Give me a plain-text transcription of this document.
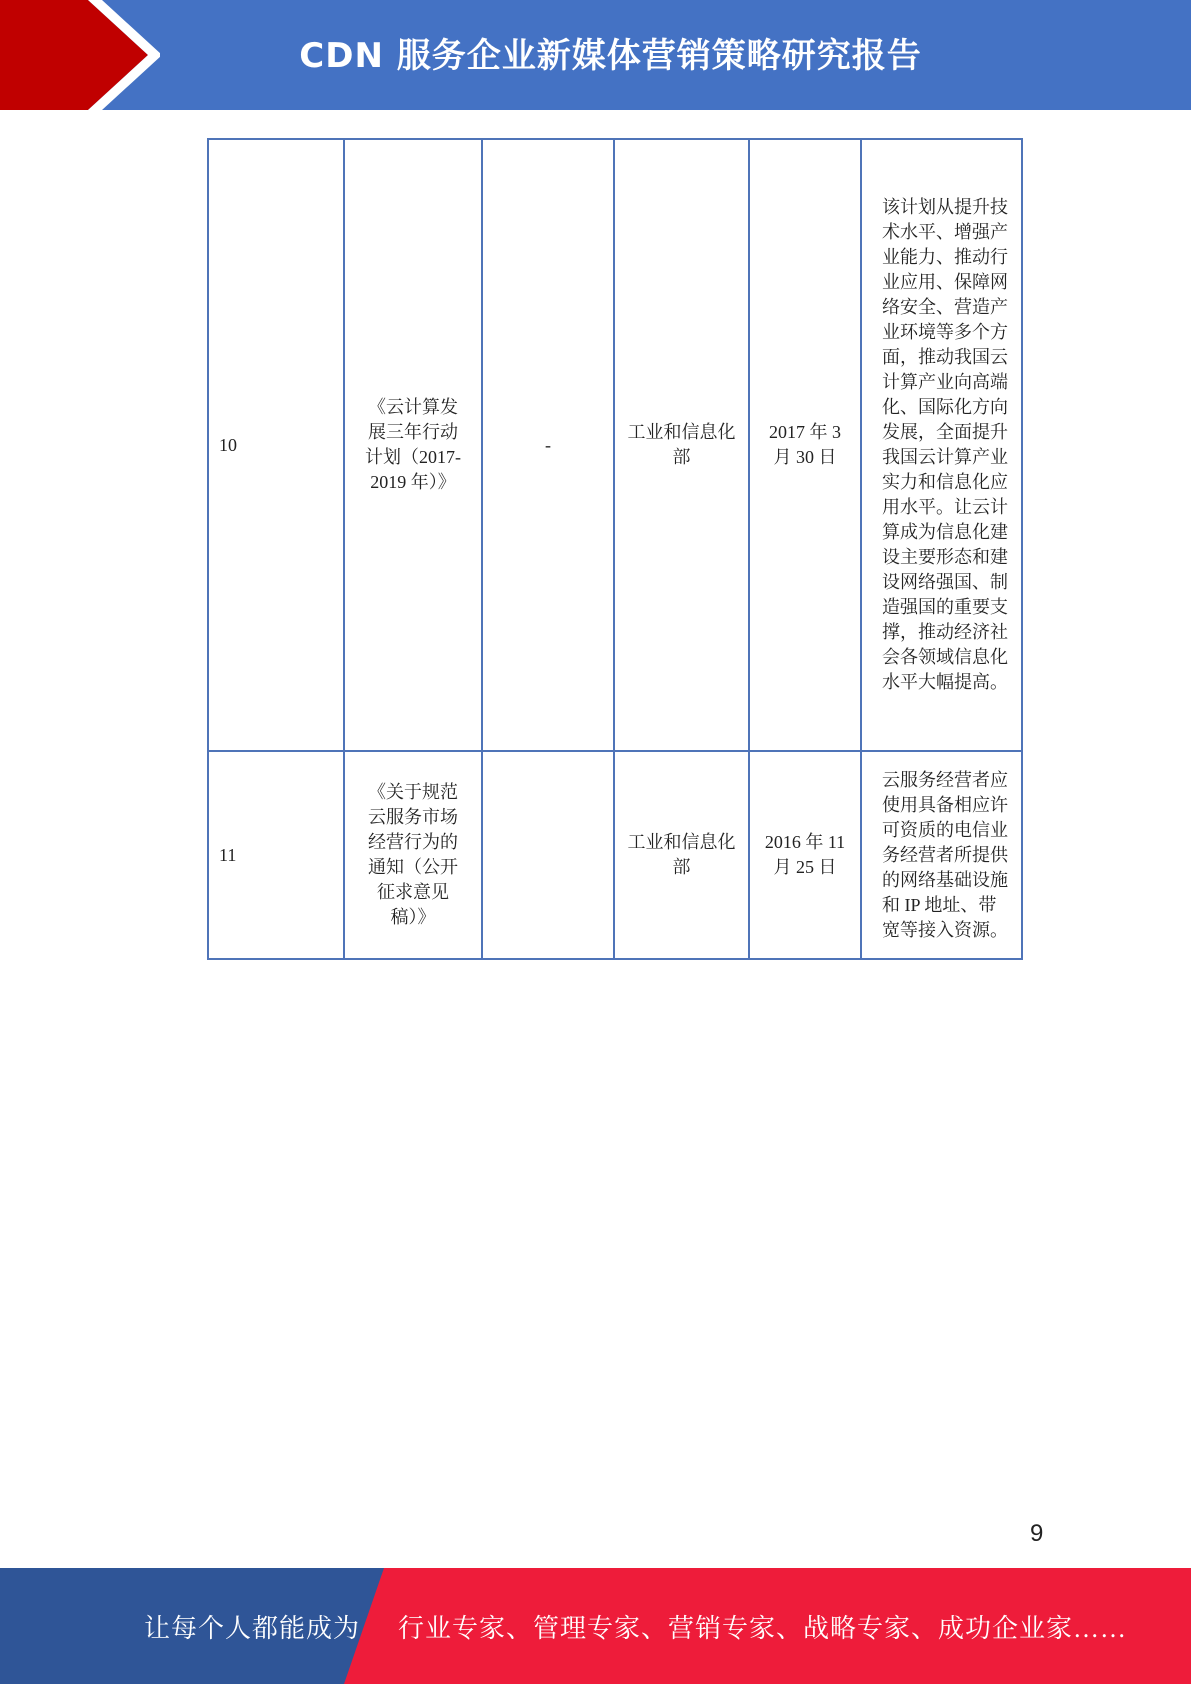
CDN 服务企业新媒体营销策略研究报告
10	《云计算发展三年行动计划（2017-2019 年）》	-	工业和信息化部	2017 年 3 月 30 日	该计划从提升技术水平、增强产业能力、推动行业应用、保障网络安全、营造产业环境等多个方面，推动我国云计算产业向高端化、国际化方向发展，全面提升我国云计算产业实力和信息化应用水平。让云计算成为信息化建设主要形态和建设网络强国、制造强国的重要支撑，推动经济社会各领域信息化水平大幅提高。
11	《关于规范云服务市场经营行为的通知（公开征求意见稿）》		工业和信息化部	2016 年 11 月 25 日	云服务经营者应使用具备相应许可资质的电信业务经营者所提供的网络基础设施和 IP 地址、带宽等接入资源。
9
让每个人都能成为 行业专家、管理专家、营销专家、战略专家、成功企业家……
